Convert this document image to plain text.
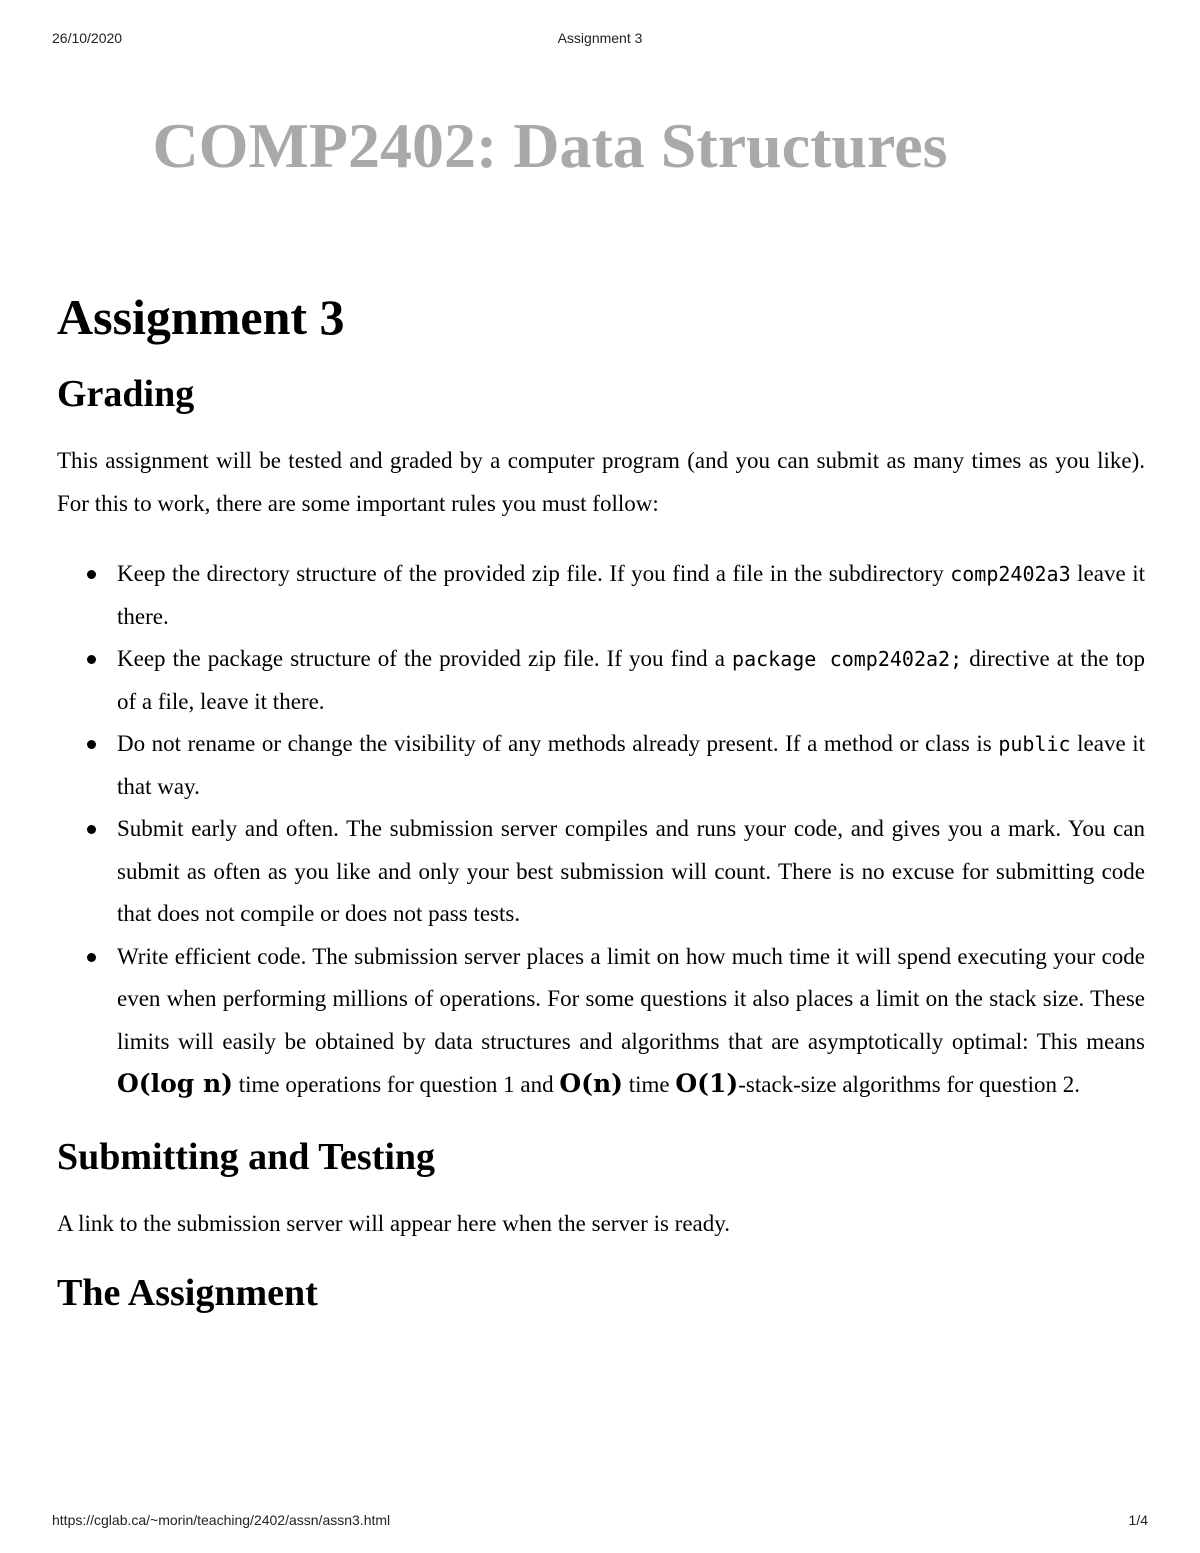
26/10/2020	Assignment 3
COMP2402: Data Structures
Assignment 3
Grading

This assignment will be tested and graded by a computer program (and you can submit as many times as you like). For this to work, there are some important rules you must follow:

Keep the directory structure of the provided zip file. If you find a file in the subdirectory comp2402a3 leave it there.
Keep the package structure of the provided zip file. If you find a package comp2402a2; directive at the top of a file, leave it there.
Do not rename or change the visibility of any methods already present. If a method or class is public leave it that way.
Submit early and often. The submission server compiles and runs your code, and gives you a mark. You can submit as often as you like and only your best submission will count. There is no excuse for submitting code that does not compile or does not pass tests.
Write efficient code. The submission server places a limit on how much time it will spend executing your code even when performing millions of operations. For some questions it also places a limit on the stack size. These limits will easily be obtained by data structures and algorithms that are asymptotically optimal: This means O(log n) time operations for question 1 and O(n) time O(1)-stack-size algorithms for question 2.
Submitting and Testing

A link to the submission server will appear here when the server is ready.

The Assignment
https://cglab.ca/~morin/teaching/2402/assn/assn3.html	1/4
